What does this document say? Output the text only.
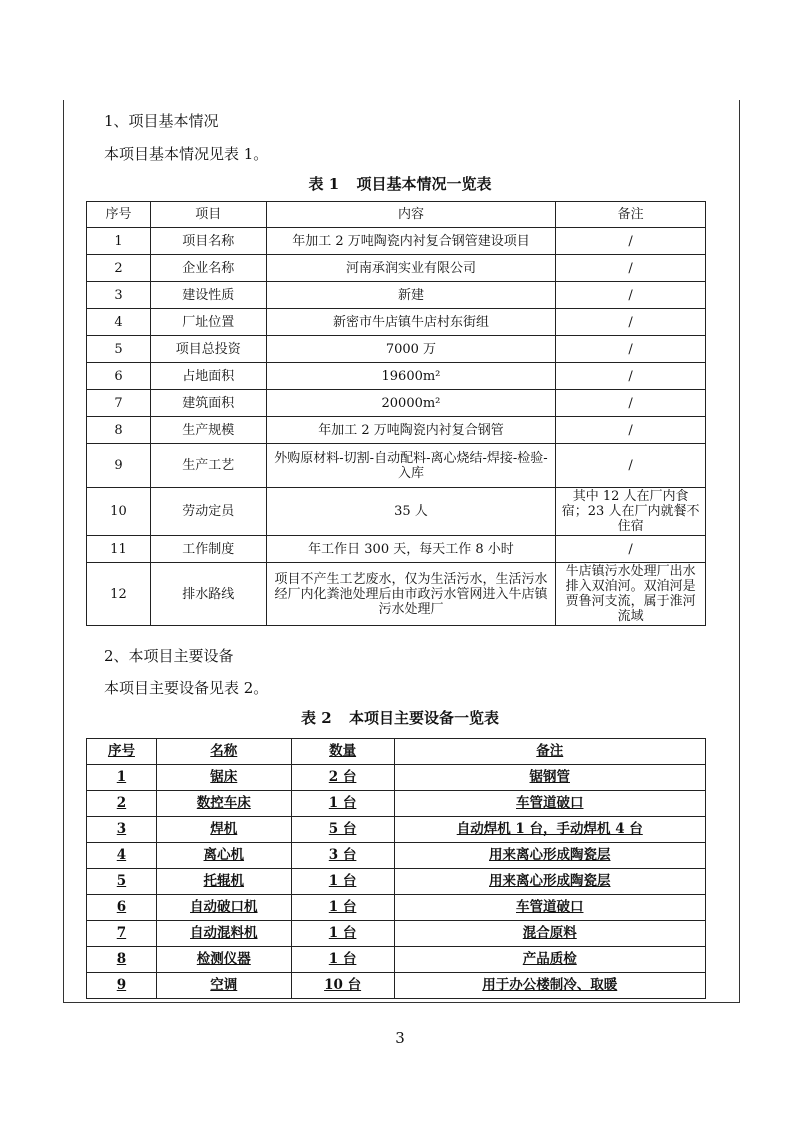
1、项目基本情况
本项目基本情况见表 1。
表 1 项目基本情况一览表
序号	项目	内容	备注
1	项目名称	年加工 2 万吨陶瓷内衬复合钢管建设项目	/
2	企业名称	河南承润实业有限公司	/
3	建设性质	新建	/
4	厂址位置	新密市牛店镇牛店村东街组	/
5	项目总投资	7000 万	/
6	占地面积	19600m²	/
7	建筑面积	20000m²	/
8	生产规模	年加工 2 万吨陶瓷内衬复合钢管	/
9	生产工艺	外购原材料-切割-自动配料-离心烧结-焊接-检验-入库	/
10	劳动定员	35 人	其中 12 人在厂内食宿；23 人在厂内就餐不住宿
11	工作制度	年工作日 300 天，每天工作 8 小时	/
12	排水路线	项目不产生工艺废水，仅为生活污水，生活污水经厂内化粪池处理后由市政污水管网进入牛店镇污水处理厂	牛店镇污水处理厂出水排入双洎河。双洎河是贾鲁河支流，属于淮河流域
2、本项目主要设备
本项目主要设备见表 2。
表 2 本项目主要设备一览表
序号	名称	数量	备注
1	锯床	2 台	锯钢管
2	数控车床	1 台	车管道破口
3	焊机	5 台	自动焊机 1 台，手动焊机 4 台
4	离心机	3 台	用来离心形成陶瓷层
5	托辊机	1 台	用来离心形成陶瓷层
6	自动破口机	1 台	车管道破口
7	自动混料机	1 台	混合原料
8	检测仪器	1 台	产品质检
9	空调	10 台	用于办公楼制冷、取暖
3
